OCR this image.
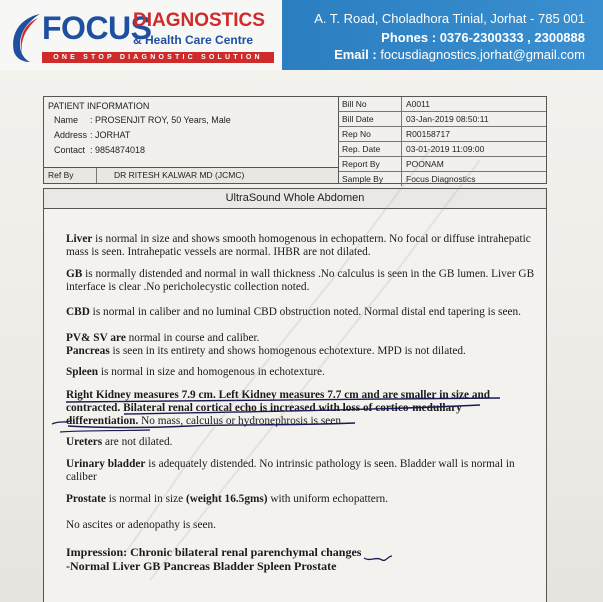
FOCUS
DIAGNOSTICS
& Health Care Centre
ONE STOP DIAGNOSTIC SOLUTION
A. T. Road, Choladhora Tinial, Jorhat - 785 001
Phones : 0376-2300333 , 2300888
Email : focusdiagnostics.jorhat@gmail.com
PATIENT INFORMATION
Name : PROSENJIT ROY, 50 Years, Male
Address : JORHAT
Contact : 9854874018
Bill No	A0011
Bill Date	03-Jan-2019 08:50:11
Rep No	R00158717
Rep. Date	03-01-2019 11:09:00
Report By	POONAM
Sample By	Focus Diagnostics
Ref By	DR RITESH KALWAR MD (JCMC)
UltraSound Whole Abdomen
Liver is normal in size and shows smooth homogenous in echopattern. No focal or diffuse intrahepatic mass is seen. Intrahepatic vessels are normal. IHBR are not dilated.
GB is normally distended and normal in wall thickness .No calculus is seen in the GB lumen. Liver GB interface is clear .No pericholecystic collection noted.
CBD is normal in caliber and no luminal CBD obstruction noted. Normal distal end tapering is seen.
PV& SV are normal in course and caliber.
Pancreas is seen in its entirety and shows homogenous echotexture. MPD is not dilated.
Spleen is normal in size and homogenous in echotexture.
Right Kidney measures 7.9 cm. Left Kidney measures 7.7 cm and are smaller in size and contracted. Bilateral renal cortical echo is increased with loss of cortico-medullary differentiation. No mass, calculus or hydronephrosis is seen.
Ureters are not dilated.
Urinary bladder is adequately distended. No intrinsic pathology is seen. Bladder wall is normal in caliber
Prostate is normal in size (weight 16.5gms) with uniform echopattern.
No ascites or adenopathy is seen.
Impression: Chronic bilateral renal parenchymal changes
-Normal Liver GB Pancreas Bladder Spleen Prostate
